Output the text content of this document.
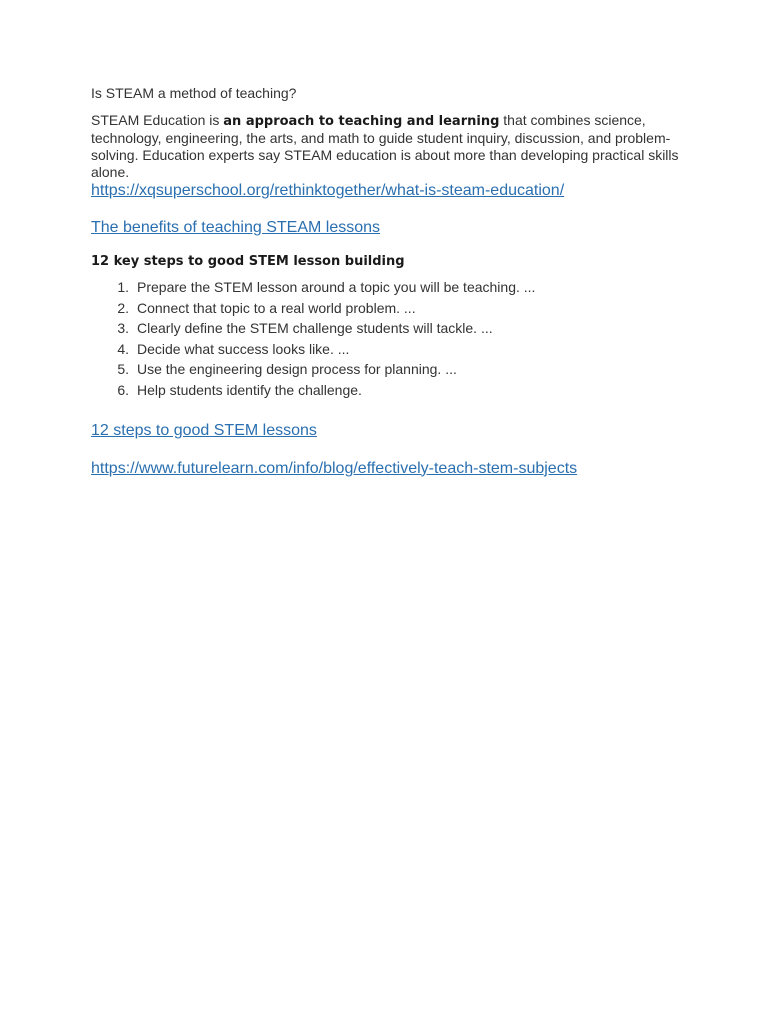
Is STEAM a method of teaching?

STEAM Education is an approach to teaching and learning that combines science, technology, engineering, the arts, and math to guide student inquiry, discussion, and problem-solving. Education experts say STEAM education is about more than developing practical skills alone.

https://xqsuperschool.org/rethinktogether/what-is-steam-education/
The benefits of teaching STEAM lessons

12 key steps to good STEM lesson building

1. Prepare the STEM lesson around a topic you will be teaching. ...
2. Connect that topic to a real world problem. ...
3. Clearly define the STEM challenge students will tackle. ...
4. Decide what success looks like. ...
5. Use the engineering design process for planning. ...
6. Help students identify the challenge.
12 steps to good STEM lessons
https://www.futurelearn.com/info/blog/effectively-teach-stem-subjects
